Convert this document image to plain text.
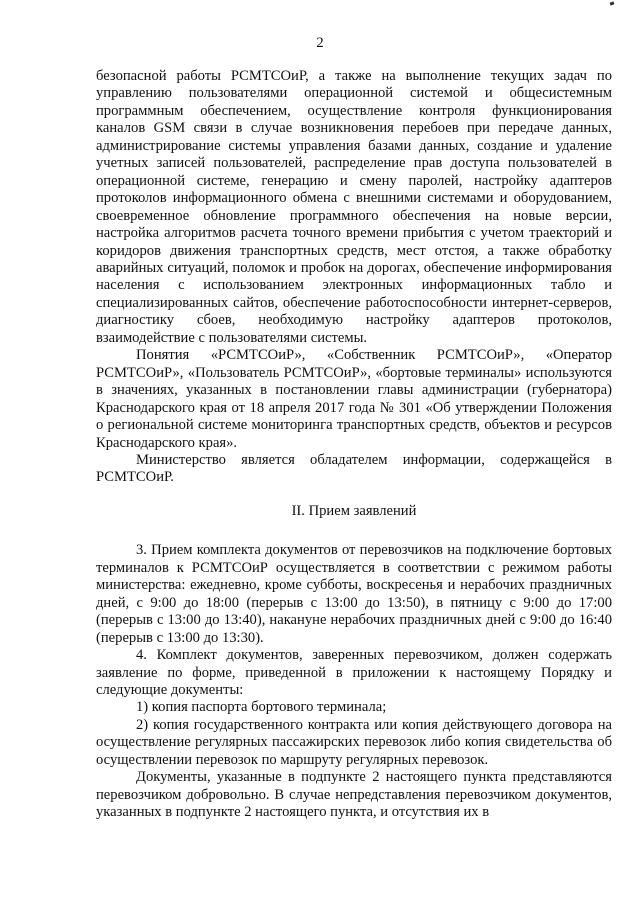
2

безопасной работы РСМТСОиР, а также на выполнение текущих задач по управлению пользователями операционной системой и общесистемным программным обеспечением, осуществление контроля функционирования каналов GSM связи в случае возникновения перебоев при передаче данных, администрирование системы управления базами данных, создание и удаление учетных записей пользователей, распределение прав доступа пользователей в операционной системе, генерацию и смену паролей, настройку адаптеров протоколов информационного обмена с внешними системами и оборудованием, своевременное обновление программного обеспечения на новые версии, настройка алгоритмов расчета точного времени прибытия с учетом траекторий и коридоров движения транспортных средств, мест отстоя, а также обработку аварийных ситуаций, поломок и пробок на дорогах, обеспечение информирования населения с использованием электронных информационных табло и специализированных сайтов, обеспечение работоспособности интернет-серверов, диагностику сбоев, необходимую настройку адаптеров протоколов, взаимодействие с пользователями системы.

Понятия «РСМТСОиР», «Собственник РСМТСОиР», «Оператор РСМТСОиР», «Пользователь РСМТСОиР», «бортовые терминалы» используются в значениях, указанных в постановлении главы администрации (губернатора) Краснодарского края от 18 апреля 2017 года № 301 «Об утверждении Положения о региональной системе мониторинга транспортных средств, объектов и ресурсов Краснодарского края».

Министерство является обладателем информации, содержащейся в РСМТСОиР.

II. Прием заявлений

3. Прием комплекта документов от перевозчиков на подключение бортовых терминалов к РСМТСОиР осуществляется в соответствии с режимом работы министерства: ежедневно, кроме субботы, воскресенья и нерабочих праздничных дней, с 9:00 до 18:00 (перерыв с 13:00 до 13:50), в пятницу с 9:00 до 17:00 (перерыв с 13:00 до 13:40), накануне нерабочих праздничных дней с 9:00 до 16:40 (перерыв с 13:00 до 13:30).

4. Комплект документов, заверенных перевозчиком, должен содержать заявление по форме, приведенной в приложении к настоящему Порядку и следующие документы:

1) копия паспорта бортового терминала;

2) копия государственного контракта или копия действующего договора на осуществление регулярных пассажирских перевозок либо копия свидетельства об осуществлении перевозок по маршруту регулярных перевозок.

Документы, указанные в подпункте 2 настоящего пункта представляются перевозчиком добровольно. В случае непредставления перевозчиком документов, указанных в подпункте 2 настоящего пункта, и отсутствия их в
